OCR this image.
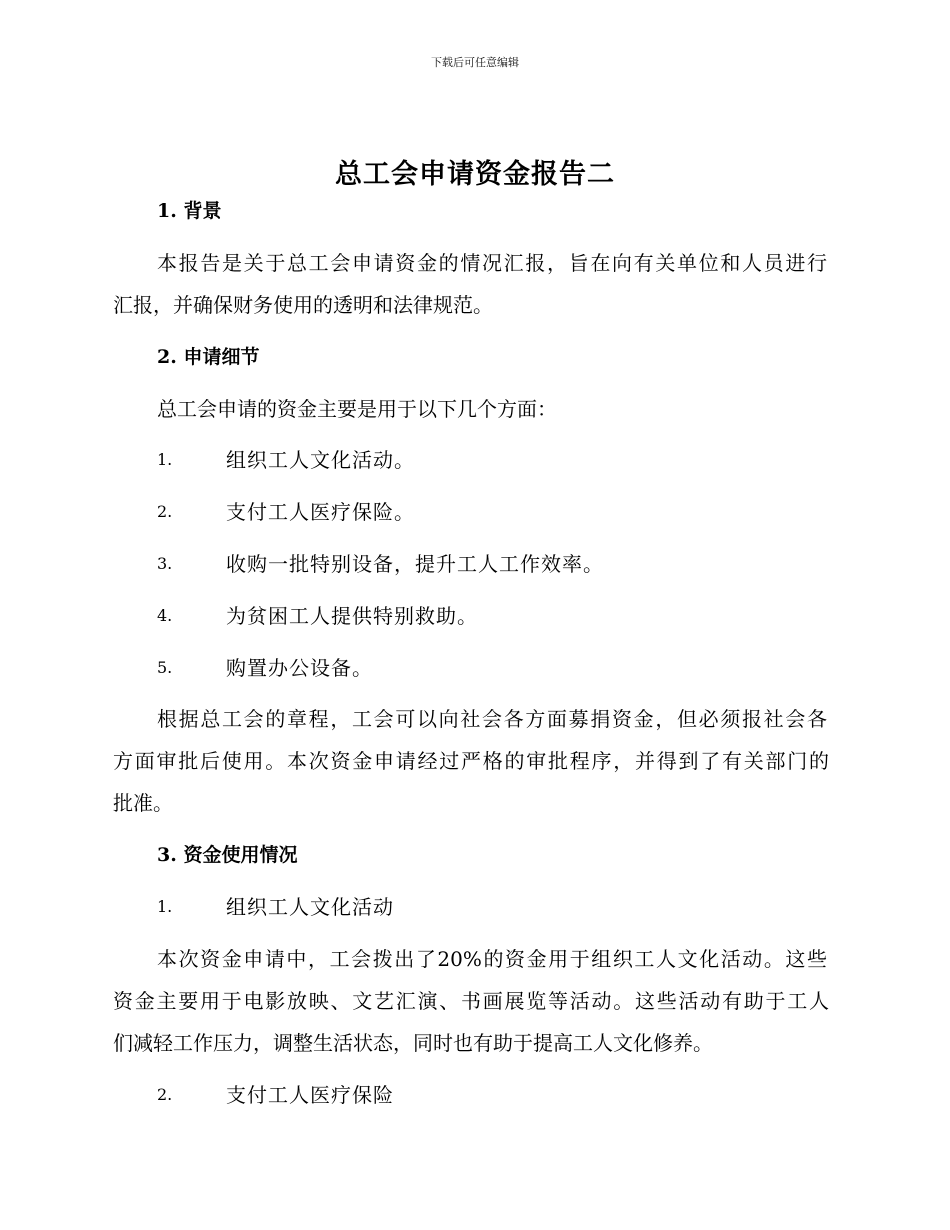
下载后可任意编辑
总工会申请资金报告二
1. 背景
本报告是关于总工会申请资金的情况汇报，旨在向有关单位和人员进行
汇报，并确保财务使用的透明和法律规范。
2. 申请细节
总工会申请的资金主要是用于以下几个方面：
1.	组织工人文化活动。
2.	支付工人医疗保险。
3.	收购一批特别设备，提升工人工作效率。
4.	为贫困工人提供特别救助。
5.	购置办公设备。
根据总工会的章程，工会可以向社会各方面募捐资金，但必须报社会各
方面审批后使用。本次资金申请经过严格的审批程序，并得到了有关部门的
批准。
3. 资金使用情况
1.	组织工人文化活动
本次资金申请中，工会拨出了20%的资金用于组织工人文化活动。这些
资金主要用于电影放映、文艺汇演、书画展览等活动。这些活动有助于工人
们减轻工作压力，调整生活状态，同时也有助于提高工人文化修养。
2.	支付工人医疗保险
